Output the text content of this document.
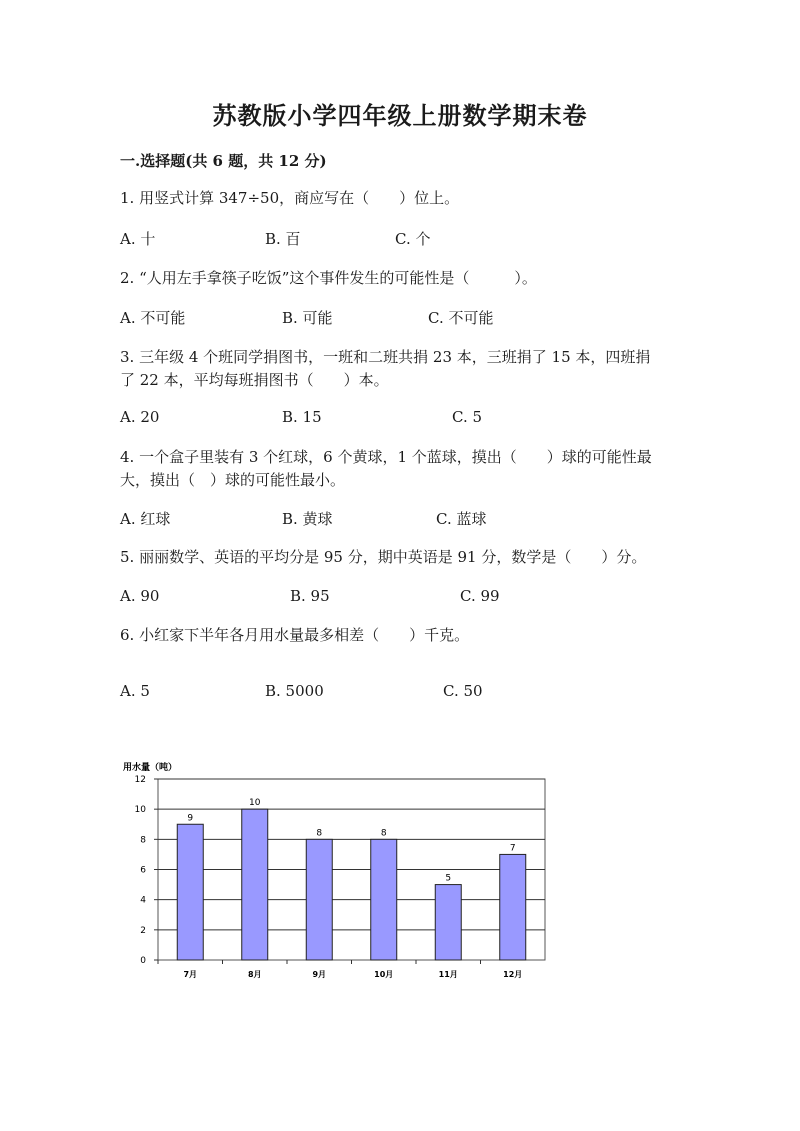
苏教版小学四年级上册数学期末卷
一.选择题(共 6 题，共 12 分)
1. 用竖式计算 347÷50，商应写在（　　）位上。
A. 十	B. 百	C. 个
2. “人用左手拿筷子吃饭”这个事件发生的可能性是（　　　）。
A. 不可能	B. 可能	C. 不可能
3. 三年级 4 个班同学捐图书，一班和二班共捐 23 本，三班捐了 15 本，四班捐
了 22 本，平均每班捐图书（　　）本。
A. 20	B. 15	C. 5
4. 一个盒子里装有 3 个红球，6 个黄球，1 个蓝球，摸出（　　）球的可能性最
大，摸出（　）球的可能性最小。
A. 红球	B. 黄球	C. 蓝球
5. 丽丽数学、英语的平均分是 95 分，期中英语是 91 分，数学是（　　）分。
A. 90	B. 95	C. 99
6. 小红家下半年各月用水量最多相差（　　）千克。
A. 5	B. 5000	C. 50
用水量（吨）
0
2
4
6
8
10
12
9
10
8	8
5
7
7月	8月	9月	10月	11月	12月
